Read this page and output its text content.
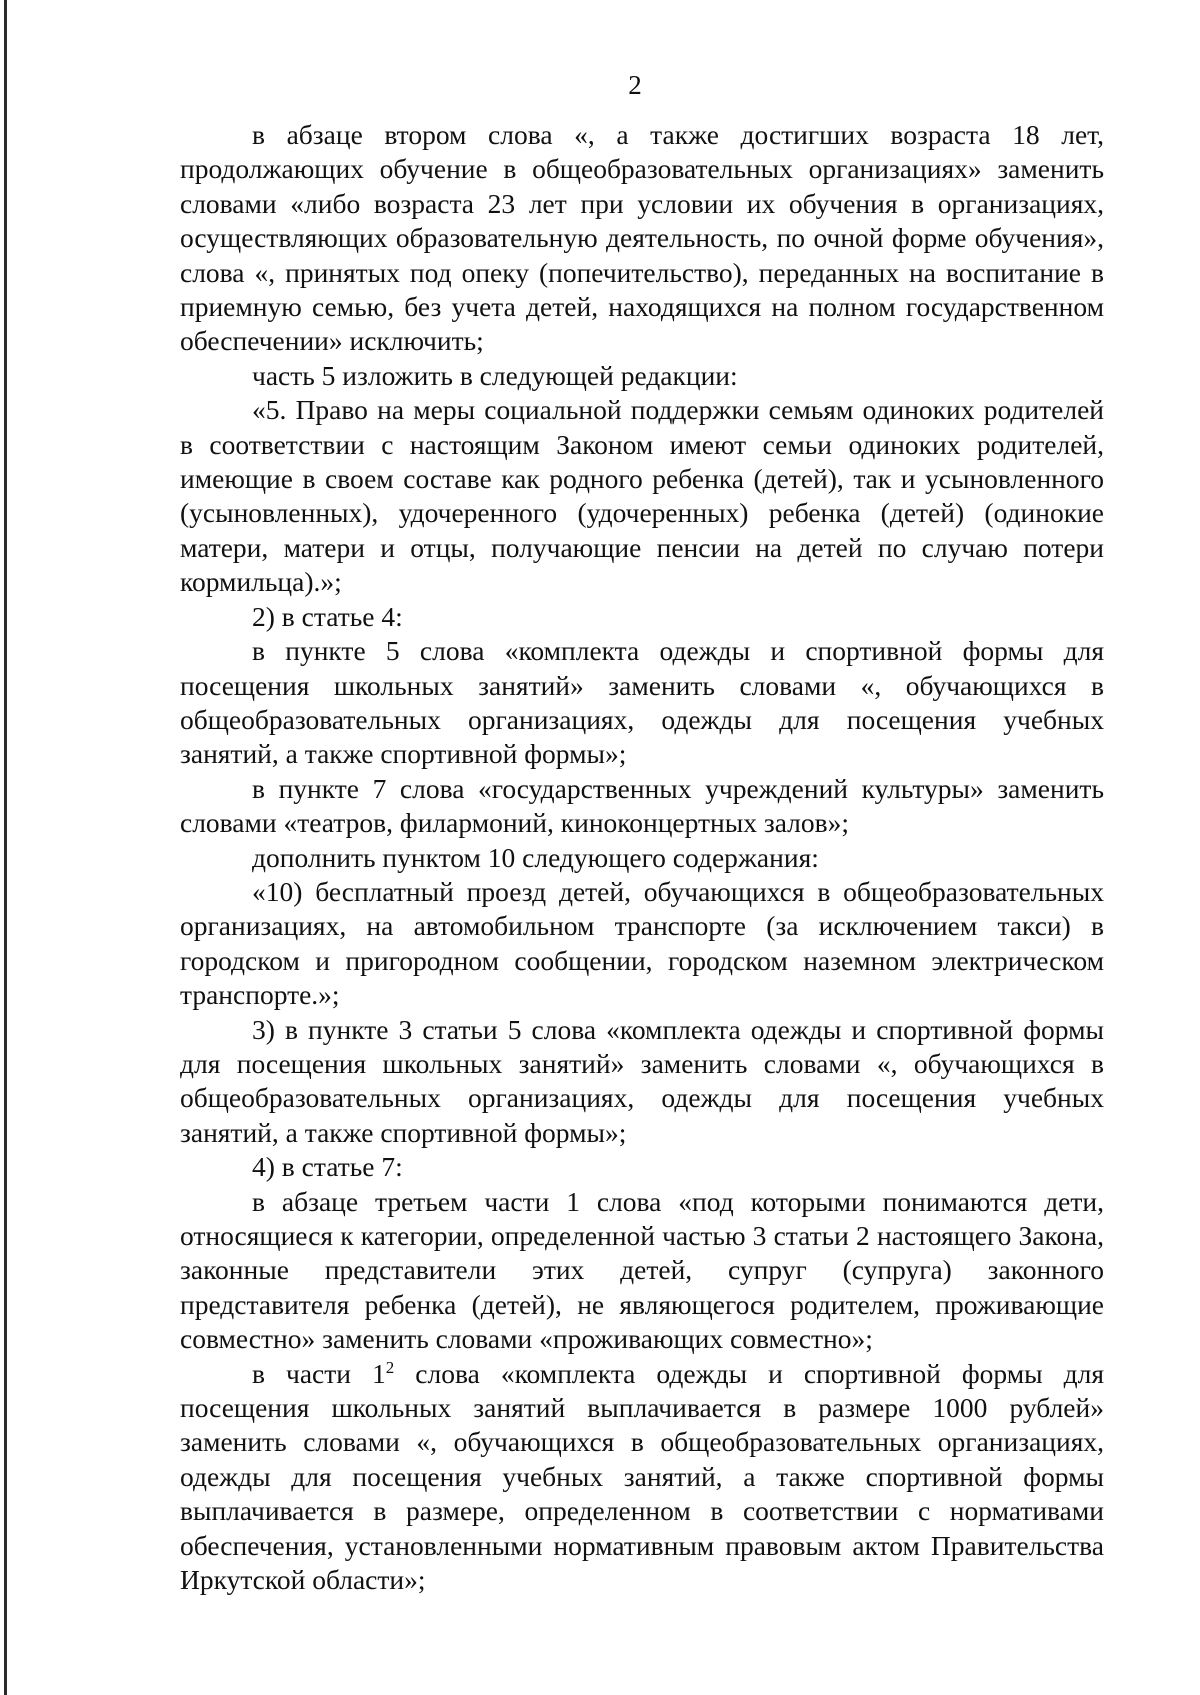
2

в абзаце втором слова «, а также достигших возраста 18 лет, продолжающих обучение в общеобразовательных организациях» заменить словами «либо возраста 23 лет при условии их обучения в организациях, осуществляющих образовательную деятельность, по очной форме обучения», слова «, принятых под опеку (попечительство), переданных на воспитание в приемную семью, без учета детей, находящихся на полном государственном обеспечении» исключить;

часть 5 изложить в следующей редакции:

«5. Право на меры социальной поддержки семьям одиноких родителей в соответствии с настоящим Законом имеют семьи одиноких родителей, имеющие в своем составе как родного ребенка (детей), так и усыновленного (усыновленных), удочеренного (удочеренных) ребенка (детей) (одинокие матери, матери и отцы, получающие пенсии на детей по случаю потери кормильца).»;

2) в статье 4:

в пункте 5 слова «комплекта одежды и спортивной формы для посещения школьных занятий» заменить словами «, обучающихся в общеобразовательных организациях, одежды для посещения учебных занятий, а также спортивной формы»;

в пункте 7 слова «государственных учреждений культуры» заменить словами «театров, филармоний, киноконцертных залов»;

дополнить пунктом 10 следующего содержания:

«10) бесплатный проезд детей, обучающихся в общеобразовательных организациях, на автомобильном транспорте (за исключением такси) в городском и пригородном сообщении, городском наземном электрическом транспорте.»;

3) в пункте 3 статьи 5 слова «комплекта одежды и спортивной формы для посещения школьных занятий» заменить словами «, обучающихся в общеобразовательных организациях, одежды для посещения учебных занятий, а также спортивной формы»;

4) в статье 7:

в абзаце третьем части 1 слова «под которыми понимаются дети, относящиеся к категории, определенной частью 3 статьи 2 настоящего Закона, законные представители этих детей, супруг (супруга) законного представителя ребенка (детей), не являющегося родителем, проживающие совместно» заменить словами «проживающих совместно»;

в части $1^2$ слова «комплекта одежды и спортивной формы для посещения школьных занятий выплачивается в размере 1000 рублей» заменить словами «, обучающихся в общеобразовательных организациях, одежды для посещения учебных занятий, а также спортивной формы выплачивается в размере, определенном в соответствии с нормативами обеспечения, установленными нормативным правовым актом Правительства Иркутской области»;
